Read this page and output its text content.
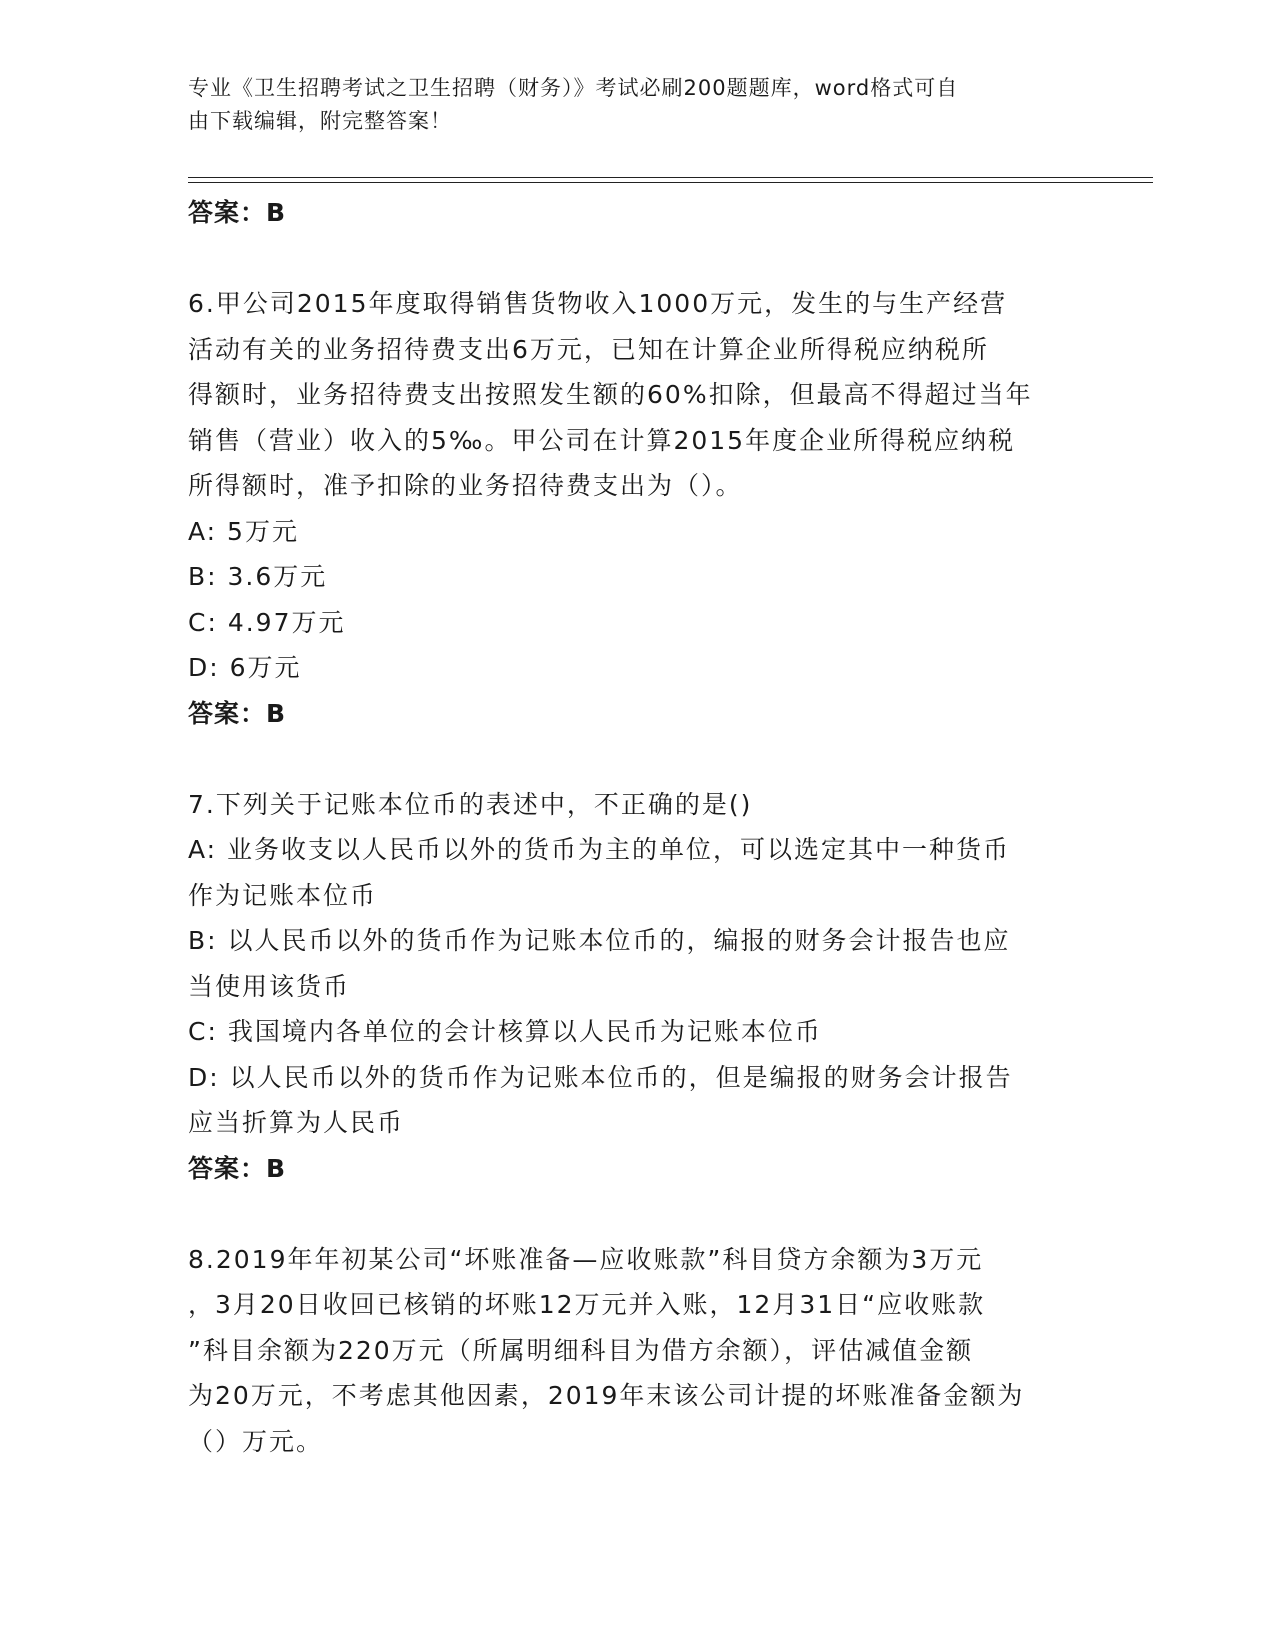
专业《卫生招聘考试之卫生招聘（财务）》考试必刷200题题库，word格式可自
由下载编辑，附完整答案！
答案：B
6.甲公司2015年度取得销售货物收入1000万元，发生的与生产经营
活动有关的业务招待费支出6万元，已知在计算企业所得税应纳税所
得额时，业务招待费支出按照发生额的60%扣除，但最高不得超过当年
销售（营业）收入的5‰。甲公司在计算2015年度企业所得税应纳税
所得额时，准予扣除的业务招待费支出为（）。
A: 5万元
B: 3.6万元
C: 4.97万元
D: 6万元
答案：B
7.下列关于记账本位币的表述中，不正确的是()
A: 业务收支以人民币以外的货币为主的单位，可以选定其中一种货币
作为记账本位币
B: 以人民币以外的货币作为记账本位币的，编报的财务会计报告也应
当使用该货币
C: 我国境内各单位的会计核算以人民币为记账本位币
D: 以人民币以外的货币作为记账本位币的，但是编报的财务会计报告
应当折算为人民币
答案：B
8.2019年年初某公司“坏账准备—应收账款”科目贷方余额为3万元
，3月20日收回已核销的坏账12万元并入账，12月31日“应收账款
”科目余额为220万元（所属明细科目为借方余额），评估减值金额
为20万元，不考虑其他因素，2019年末该公司计提的坏账准备金额为
（）万元。
